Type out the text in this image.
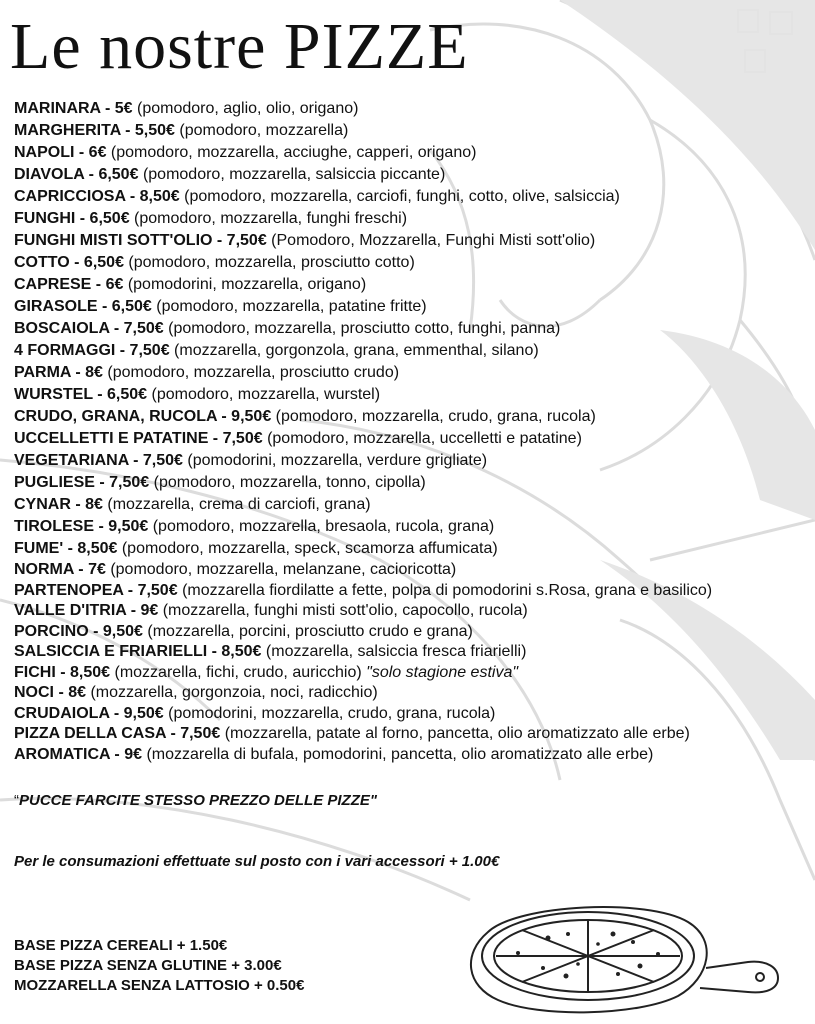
Le nostre PIZZE
MARINARA - 5€ (pomodoro, aglio, olio, origano)
MARGHERITA - 5,50€ (pomodoro, mozzarella)
NAPOLI - 6€ (pomodoro, mozzarella, acciughe, capperi, origano)
DIAVOLA - 6,50€ (pomodoro, mozzarella, salsiccia piccante)
CAPRICCIOSA - 8,50€ (pomodoro, mozzarella, carciofi, funghi, cotto, olive, salsiccia)
FUNGHI - 6,50€ (pomodoro, mozzarella, funghi freschi)
FUNGHI MISTI SOTT'OLIO - 7,50€ (Pomodoro, Mozzarella, Funghi Misti sott'olio)
COTTO - 6,50€ (pomodoro, mozzarella, prosciutto cotto)
CAPRESE - 6€ (pomodorini, mozzarella, origano)
GIRASOLE - 6,50€ (pomodoro, mozzarella, patatine fritte)
BOSCAIOLA - 7,50€ (pomodoro, mozzarella, prosciutto cotto, funghi, panna)
4 FORMAGGI - 7,50€ (mozzarella, gorgonzola, grana, emmenthal, silano)
PARMA - 8€ (pomodoro, mozzarella, prosciutto crudo)
WURSTEL - 6,50€ (pomodoro, mozzarella, wurstel)
CRUDO, GRANA, RUCOLA - 9,50€ (pomodoro, mozzarella, crudo, grana, rucola)
UCCELLETTI E PATATINE - 7,50€ (pomodoro, mozzarella, uccelletti e patatine)
VEGETARIANA - 7,50€ (pomodorini, mozzarella, verdure grigliate)
PUGLIESE - 7,50€ (pomodoro, mozzarella, tonno, cipolla)
CYNAR - 8€ (mozzarella, crema di carciofi, grana)
TIROLESE - 9,50€ (pomodoro, mozzarella, bresaola, rucola, grana)
FUME' - 8,50€ (pomodoro, mozzarella, speck, scamorza affumicata)
NORMA - 7€ (pomodoro, mozzarella, melanzane, cacioricotta)
PARTENOPEA - 7,50€ (mozzarella fiordilatte a fette, polpa di pomodorini s.Rosa, grana e basilico)
VALLE D'ITRIA - 9€ (mozzarella, funghi misti sott'olio, capocollo, rucola)
PORCINO - 9,50€ (mozzarella, porcini, prosciutto crudo e grana)
SALSICCIA E FRIARIELLI - 8,50€ (mozzarella, salsiccia fresca friarielli)
FICHI - 8,50€ (mozzarella, fichi, crudo, auricchio) "solo stagione estiva"
NOCI - 8€ (mozzarella, gorgonzoia, noci, radicchio)
CRUDAIOLA - 9,50€ (pomodorini, mozzarella, crudo, grana, rucola)
PIZZA DELLA CASA - 7,50€ (mozzarella, patate al forno, pancetta, olio aromatizzato alle erbe)
AROMATICA - 9€ (mozzarella di bufala, pomodorini, pancetta, olio aromatizzato alle erbe)
“PUCCE FARCITE STESSO PREZZO DELLE PIZZE"
Per le consumazioni effettuate sul posto con i vari accessori + 1.00€
BASE PIZZA CEREALI + 1.50€
BASE PIZZA SENZA GLUTINE + 3.00€
MOZZARELLA SENZA LATTOSIO + 0.50€
